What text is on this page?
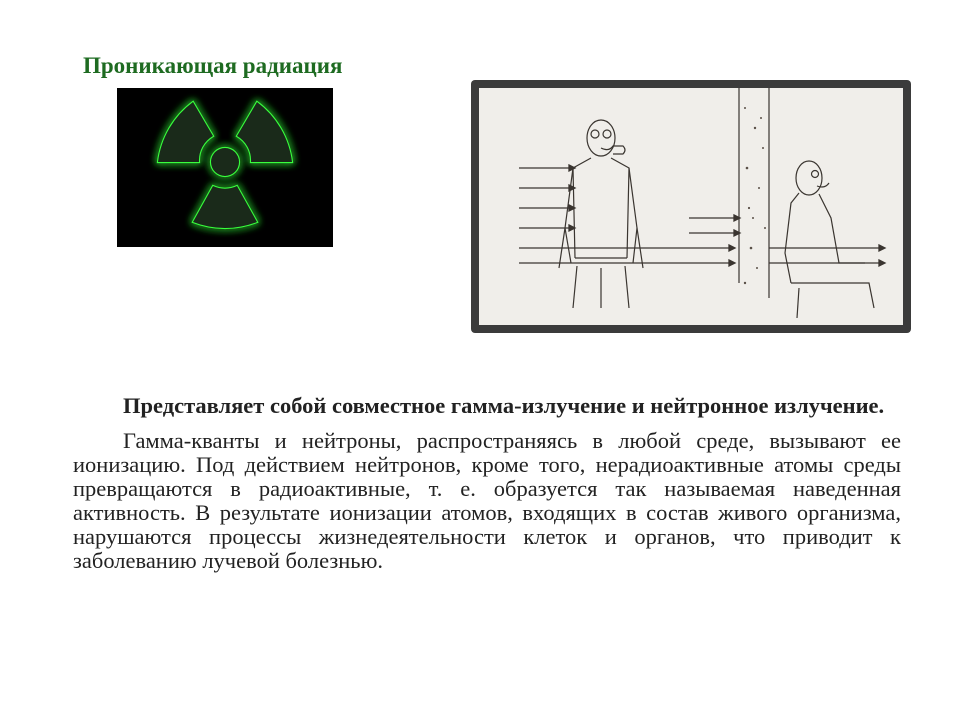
Проникающая радиация

Представляет собой совместное гамма-излучение и нейтронное излучение.

Гамма-кванты и нейтроны, распространяясь в любой среде, вызывают ее ионизацию. Под действием нейтронов, кроме того, нерадиоактивные атомы среды превращаются в радиоактивные, т. е. образуется так называемая наведенная активность. В результате ионизации атомов, входящих в состав живого организма, нарушаются процессы жизнедеятельности клеток и органов, что приводит к заболеванию лучевой болезнью.
